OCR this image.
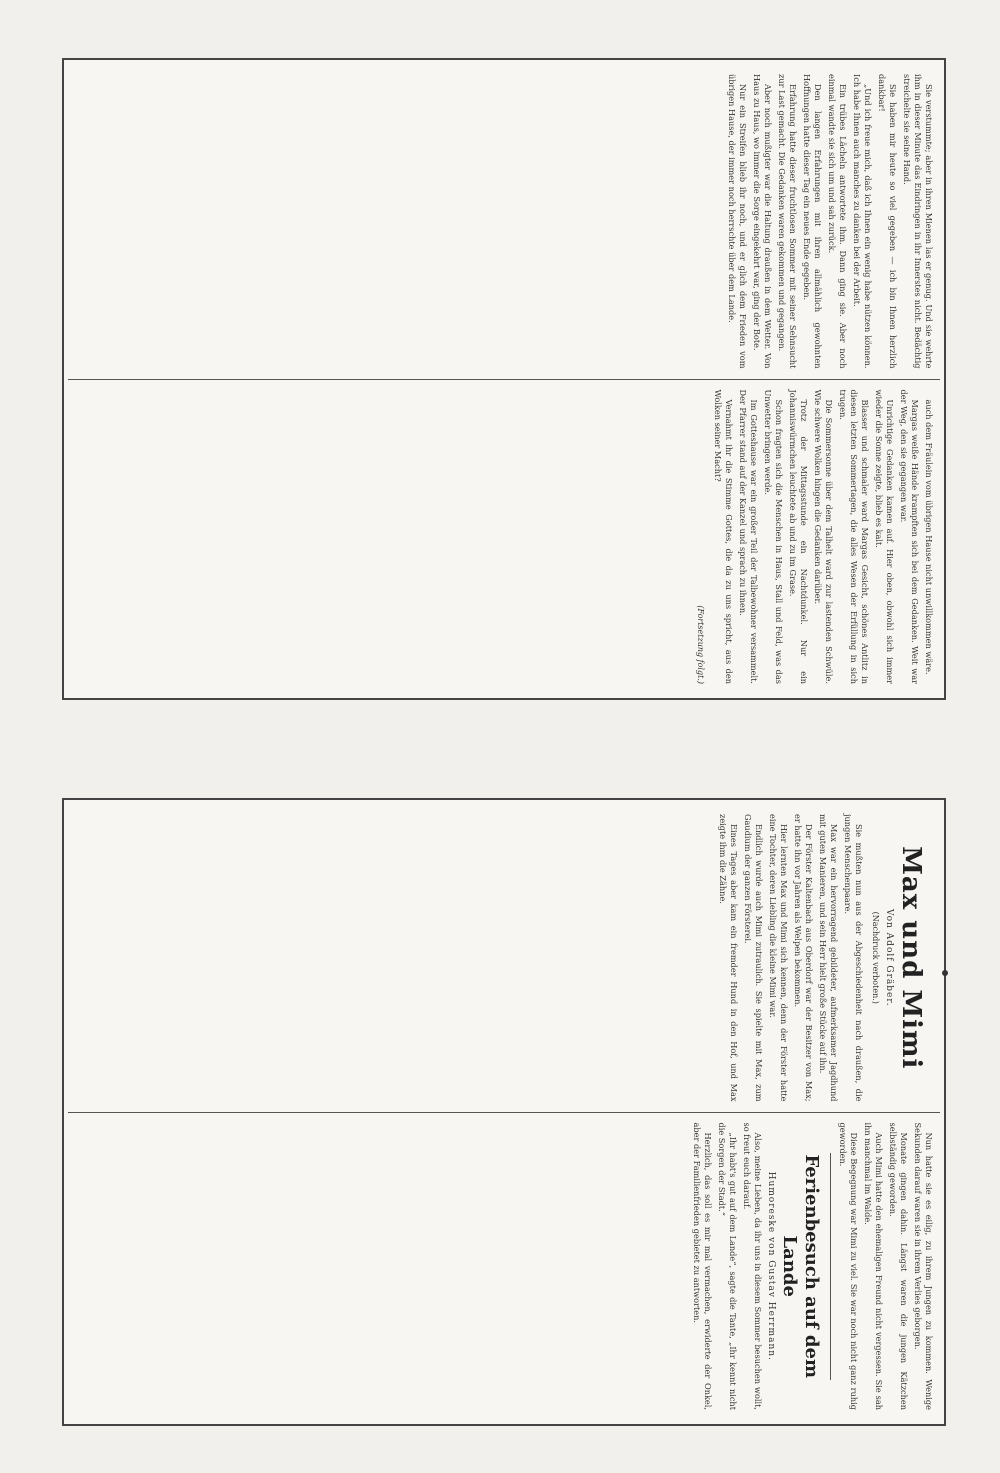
Sie verstummte; aber in ihren Mienen las er genug. Und sie wehrte ihm in dieser Minute das Eindringen in ihr Innerstes nicht. Bedächtig streichelte sie seine Hand.

Sie haben mir heute so viel gegeben — ich bin Ihnen herzlich dankbar!

„Und ich freue mich, daß ich Ihnen ein wenig habe nützen können. Ich habe Ihnen auch manches zu danken bei der Arbeit.

Ein trübes Lächeln antwortete ihm. Dann ging sie. Aber noch einmal wandte sie sich um und sah zurück.

Den langen Erfahrungen mit ihren allmählich gewohnten Hoffnungen hatte dieser Tag ein neues Ende gegeben.

Erfahrung hatte dieser fruchtlosen Sommer mit seiner Sehnsucht zur Last gemacht. Die Gedanken waren gekommen und gegangen.

Aber noch mußigter war die Haltung draußen in dem Wetter. Von Haus zu Haus, wo immer die Sorge eingekehrt war, ging der Bote.

Nur ein Streifen blieb ihr noch, und er glich dem Frieden vom übrigen Hause, der immer noch herrschte über dem Lande.

auch dem Fräulein vom übrigen Hause nicht unwillkommen wäre.

Margas weiße Hände krampften sich bei dem Gedanken. Weit war der Weg, den sie gegangen war.

Unrichtige Gedanken kamen auf. Hier oben, obwohl sich immer wieder die Sonne zeigte, blieb es kalt.

Blasser und schmaler ward Margas Gesicht, schönes Antlitz in diesen letzten Sommertagen, die alles Wesen der Erfüllung in sich trugen.

Die Sommersonne über dem Talhelt ward zur lastenden Schwüle. Wie schwere Wolken hingen die Gedanken darüber.

Trotz der Mittagsstunde ein Nachtdunkel. Nur ein Johanniswürmchen leuchtete ab und zu im Grase.

Schon fragten sich die Menschen in Haus, Stall und Feld, was das Unwetter bringen werde.

Im Gotteshause war ein großer Teil der Talbewohner versammelt. Der Pfarrer stand auf der Kanzel und sprach zu ihnen.

Vernahmt ihr die Stimme Gottes, die da zu uns spricht, aus den Wolken seiner Macht?

(Fortsetzung folgt.)
Max und Mimi
Von Adolf Gräber.
(Nachdruck verboten.)

Sie mußten nun aus der Abgeschiedenheit nach draußen, die jungen Menschenpaare.

Max war ein hervorragend gebildeter, aufmerksamer Jagdhund mit guten Manieren, und sein Herr hielt große Stücke auf ihn.

Der Förster Kaltenbach aus Oberdorf war der Besitzer von Max; er hatte ihn vor Jahren als Welpen bekommen.

Hier lernten Max und Mimi sich kennen, denn der Förster hatte eine Tochter, deren Liebling die kleine Mimi war.

Endlich wurde auch Mimi zutraulich. Sie spielte mit Max, zum Gaudium der ganzen Försterei.

Eines Tages aber kam ein fremder Hund in den Hof, und Max zeigte ihm die Zähne.

Nun hatte sie es eilig, zu ihrem Jungen zu kommen. Wenige Sekunden darauf waren sie in ihrem Verlies geborgen.

Monate gingen dahin. Längst waren die jungen Kätzchen selbständig geworden.

Auch Mimi hatte den ehemaligen Freund nicht vergessen. Sie sah ihn manchmal im Walde.

Diese Begegnung war Mimi zu viel. Sie war noch nicht ganz ruhig geworden.

Ferienbesuch auf dem Lande
Humoreske von Gustav Herrmann.

Also, meine Lieben, da ihr uns in diesem Sommer besuchen wollt, so freut euch darauf.

„Ihr habt's gut auf dem Lande“, sagte die Tante, „Ihr kennt nicht die Sorgen der Stadt.“

Herzlich, das soll es mir mal vermachen, erwiderte der Onkel, aber der Familienfrieden gebietet zu antworten.
